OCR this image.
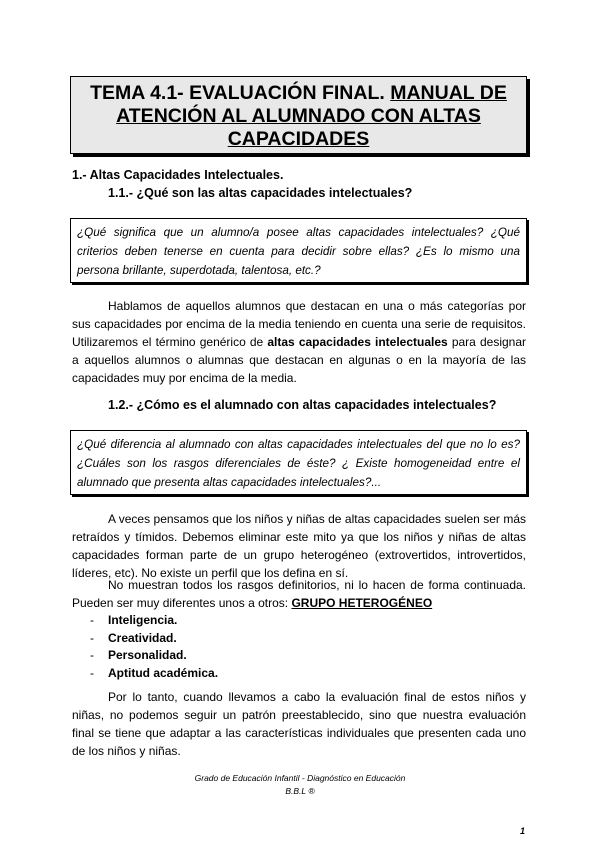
TEMA 4.1- EVALUACIÓN FINAL. MANUAL DE ATENCIÓN AL ALUMNADO CON ALTAS CAPACIDADES
1.- Altas Capacidades Intelectuales.
1.1.- ¿Qué son las altas capacidades intelectuales?
¿Qué significa que un alumno/a posee altas capacidades intelectuales? ¿Qué criterios deben tenerse en cuenta para decidir sobre ellas? ¿Es lo mismo una persona brillante, superdotada, talentosa, etc.?

Hablamos de aquellos alumnos que destacan en una o más categorías por sus capacidades por encima de la media teniendo en cuenta una serie de requisitos. Utilizaremos el término genérico de altas capacidades intelectuales para designar a aquellos alumnos o alumnas que destacan en algunas o en la mayoría de las capacidades muy por encima de la media.

1.2.- ¿Cómo es el alumnado con altas capacidades intelectuales?
¿Qué diferencia al alumnado con altas capacidades intelectuales del que no lo es? ¿Cuáles son los rasgos diferenciales de éste? ¿ Existe homogeneidad entre el alumnado que presenta altas capacidades intelectuales?...

A veces pensamos que los niños y niñas de altas capacidades suelen ser más retraídos y tímidos. Debemos eliminar este mito ya que los niños y niñas de altas capacidades forman parte de un grupo heterogéneo (extrovertidos, introvertidos, líderes, etc). No existe un perfil que los defina en sí.

No muestran todos los rasgos definitorios, ni lo hacen de forma continuada. Pueden ser muy diferentes unos a otros: GRUPO HETEROGÉNEO

- Inteligencia.
- Creatividad.
- Personalidad.
- Aptitud académica.

Por lo tanto, cuando llevamos a cabo la evaluación final de estos niños y niñas, no podemos seguir un patrón preestablecido, sino que nuestra evaluación final se tiene que adaptar a las características individuales que presenten cada uno de los niños y niñas.

Grado de Educación Infantil - Diagnóstico en Educación
B.B.L ®
1
